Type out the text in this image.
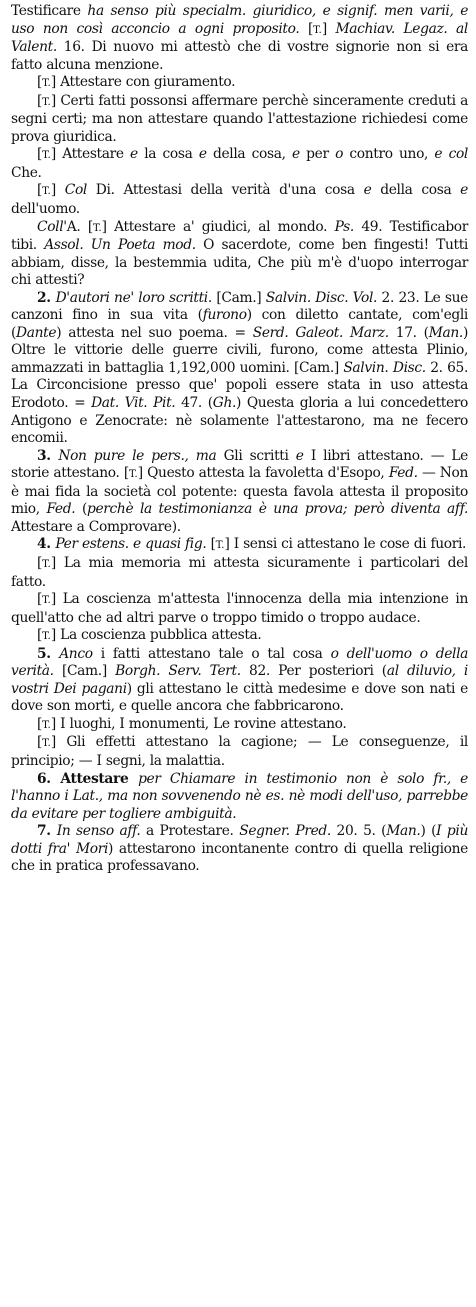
Testificare ha senso più specialm. giuridico, e signif. men varii, e uso non così acconcio a ogni proposito. [T.] Machiav. Legaz. al Valent. 16. Di nuovo mi attestò che di vostre signorie non si era fatto alcuna menzione.

[T.] Attestare con giuramento.

[T.] Certi fatti possonsi affermare perchè sinceramente creduti a segni certi; ma non attestare quando l'attestazione richiedesi come prova giuridica.

[T.] Attestare e la cosa e della cosa, e per o contro uno, e col Che.

[T.] Col Di. Attestasi della verità d'una cosa e della cosa e dell'uomo.

Coll'A. [T.] Attestare a' giudici, al mondo. Ps. 49. Testificabor tibi. Assol. Un Poeta mod. O sacerdote, come ben fingesti! Tutti abbiam, disse, la bestemmia udita, Che più m'è d'uopo interrogar chi attesti?

2. D'autori ne' loro scritti. [Cam.] Salvin. Disc. Vol. 2. 23. Le sue canzoni fino in sua vita (furono) con diletto cantate, com'egli (Dante) attesta nel suo poema. = Serd. Galeot. Marz. 17. (Man.) Oltre le vittorie delle guerre civili, furono, come attesta Plinio, ammazzati in battaglia 1,192,000 uomini. [Cam.] Salvin. Disc. 2. 65. La Circoncisione presso que' popoli essere stata in uso attesta Erodoto. = Dat. Vit. Pit. 47. (Gh.) Questa gloria a lui concedettero Antigono e Zenocrate: nè solamente l'attestarono, ma ne fecero encomii.

3. Non pure le pers., ma Gli scritti e I libri attestano. — Le storie attestano. [T.] Questo attesta la favoletta d'Esopo, Fed. — Non è mai fida la società col potente: questa favola attesta il proposito mio, Fed. (perchè la testimonianza è una prova; però diventa aff. Attestare a Comprovare).

4. Per estens. e quasi fig. [T.] I sensi ci attestano le cose di fuori.

[T.] La mia memoria mi attesta sicuramente i particolari del fatto.

[T.] La coscienza m'attesta l'innocenza della mia intenzione in quell'atto che ad altri parve o troppo timido o troppo audace.

[T.] La coscienza pubblica attesta.

5. Anco i fatti attestano tale o tal cosa o dell'uomo o della verità. [Cam.] Borgh. Serv. Tert. 82. Per posteriori (al diluvio, i vostri Dei pagani) gli attestano le città medesime e dove son nati e dove son morti, e quelle ancora che fabbricarono.

[T.] I luoghi, I monumenti, Le rovine attestano.

[T.] Gli effetti attestano la cagione; — Le conseguenze, il principio; — I segni, la malattia.

6. Attestare per Chiamare in testimonio non è solo fr., e l'hanno i Lat., ma non sovvenendo nè es. nè modi dell'uso, parrebbe da evitare per togliere ambiguità.

7. In senso aff. a Protestare. Segner. Pred. 20. 5. (Man.) (I più dotti fra' Mori) attestarono incontanente contro di quella religione che in pratica professavano.
